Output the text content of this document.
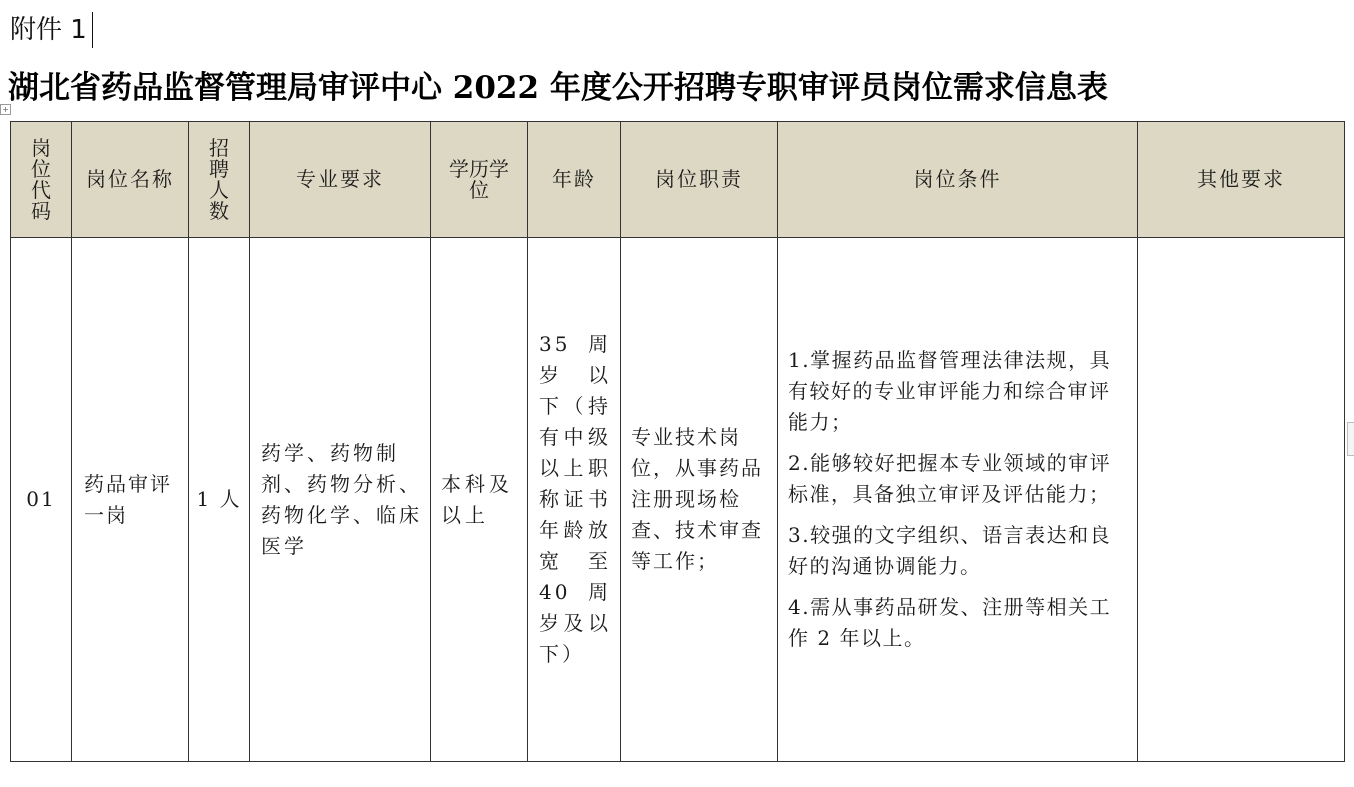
附件 1
湖北省药品监督管理局审评中心 2022 年度公开招聘专职审评员岗位需求信息表
+
岗位代码	岗位名称	招聘人数	专业要求	学历学位	年龄	岗位职责	岗位条件	其他要求
01	药品审评一岗	1 人	药学、药物制剂、药物分析、药物化学、临床医学	本科及以上	35周岁以 下（持有中级以上职称证书年龄放宽至 40 周岁及以下）	专业技术岗位，从事药品注册现场检查、技术审查等工作；	1.掌握药品监督管理法律法规，具有较好的专业审评能力和综合审评能力；
2.能够较好把握本专业领域的审评标准，具备独立审评及评估能力；
3.较强的文字组织、语言表达和良好的沟通协调能力。
4.需从事药品研发、注册等相关工作 2 年以上。	
